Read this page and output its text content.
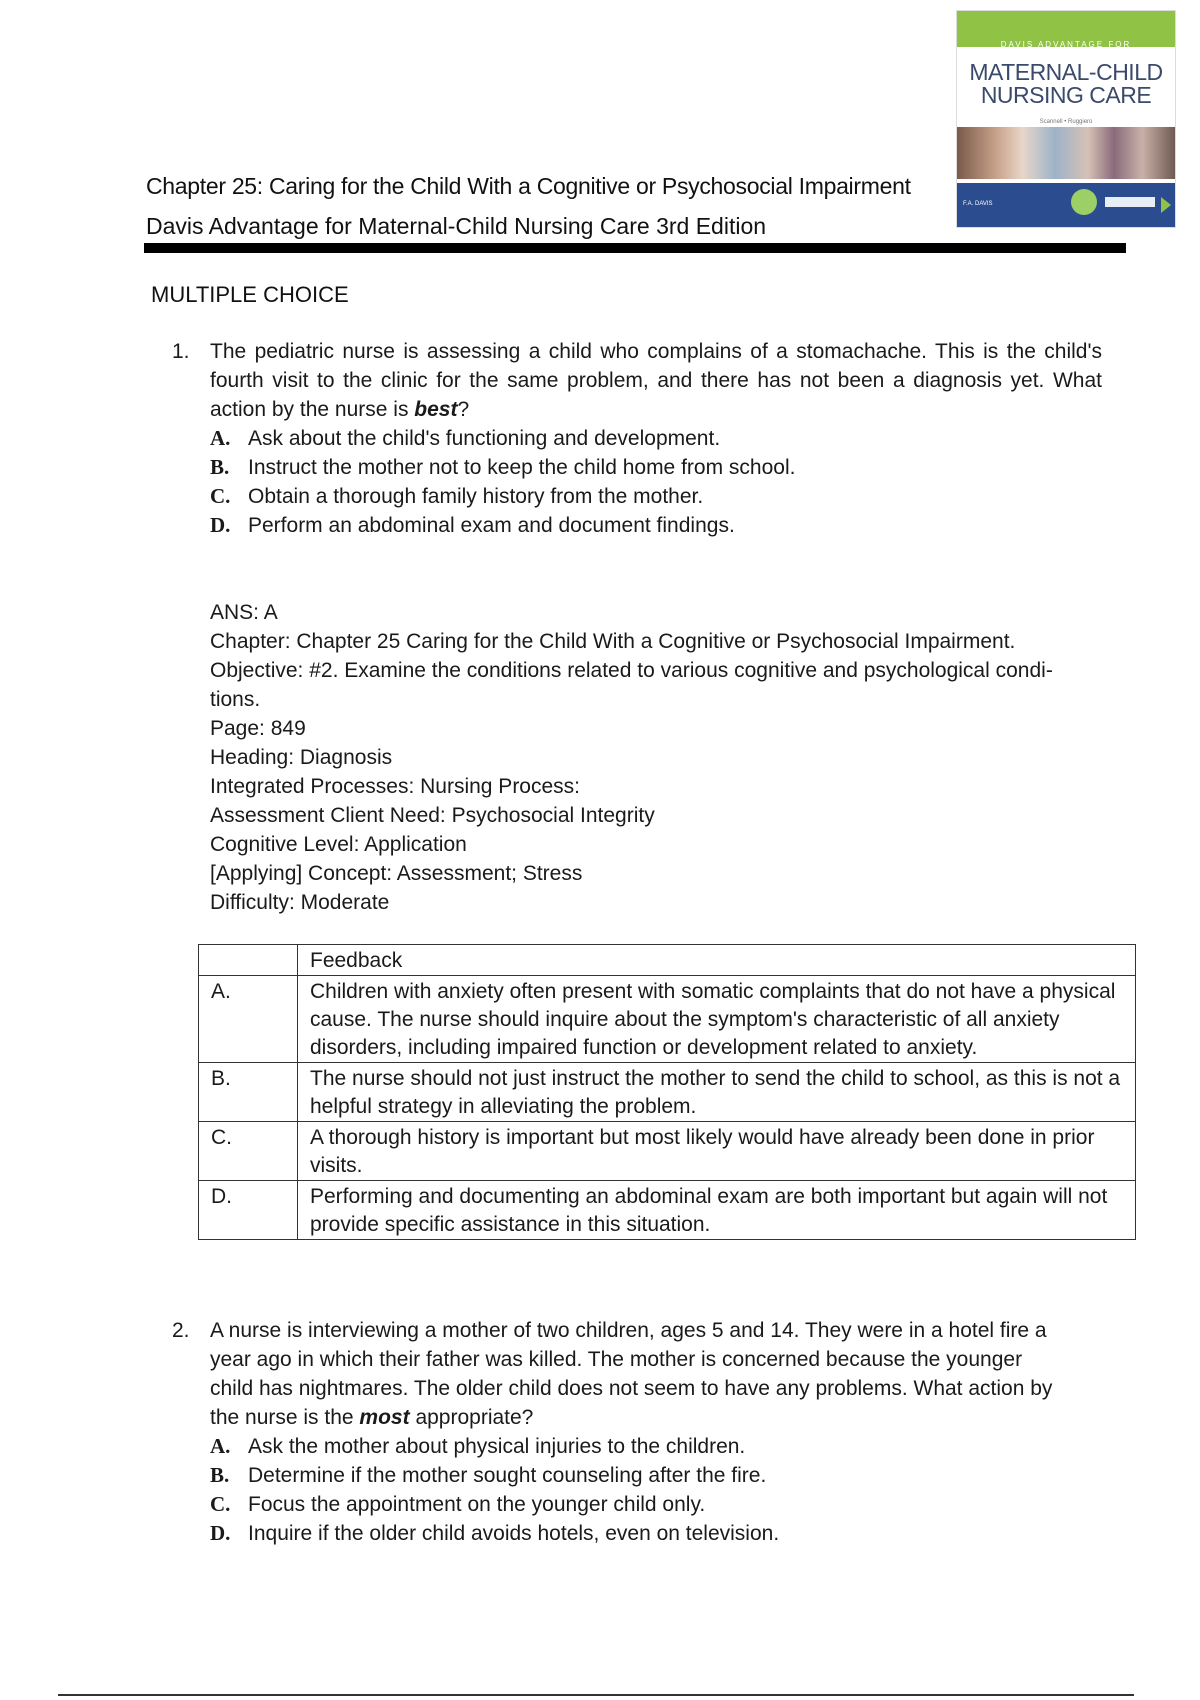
DAVIS ADVANTAGE FOR
MATERNAL-CHILD
NURSING CARE
Scannell • Ruggiero
F.A. DAVIS
Chapter 25: Caring for the Child With a Cognitive or Psychosocial Impairment
Davis Advantage for Maternal-Child Nursing Care 3rd Edition
MULTIPLE CHOICE
1. The pediatric nurse is assessing a child who complains of a stomachache. This is the child's fourth visit to the clinic for the same problem, and there has not been a diagnosis yet. What action by the nurse is best?
A. Ask about the child's functioning and development.
B. Instruct the mother not to keep the child home from school.
C. Obtain a thorough family history from the mother.
D. Perform an abdominal exam and document findings.
ANS: A
Chapter: Chapter 25 Caring for the Child With a Cognitive or Psychosocial Impairment. Objective: #2. Examine the conditions related to various cognitive and psychological condi- tions.
Page: 849
Heading: Diagnosis
Integrated Processes: Nursing Process:
Assessment Client Need: Psychosocial Integrity
Cognitive Level: Application
[Applying] Concept: Assessment; Stress
Difficulty: Moderate
	Feedback
A.	Children with anxiety often present with somatic complaints that do not have a physical cause. The nurse should inquire about the symptom's characteristic of all anxiety disorders, including impaired function or development related to anxiety.
B.	The nurse should not just instruct the mother to send the child to school, as this is not a helpful strategy in alleviating the problem.
C.	A thorough history is important but most likely would have already been done in prior visits.
D.	Performing and documenting an abdominal exam are both important but again will not provide specific assistance in this situation.
2. A nurse is interviewing a mother of two children, ages 5 and 14. They were in a hotel fire a year ago in which their father was killed. The mother is concerned because the younger child has nightmares. The older child does not seem to have any problems. What action by the nurse is the most appropriate?
A. Ask the mother about physical injuries to the children.
B. Determine if the mother sought counseling after the fire.
C. Focus the appointment on the younger child only.
D. Inquire if the older child avoids hotels, even on television.
